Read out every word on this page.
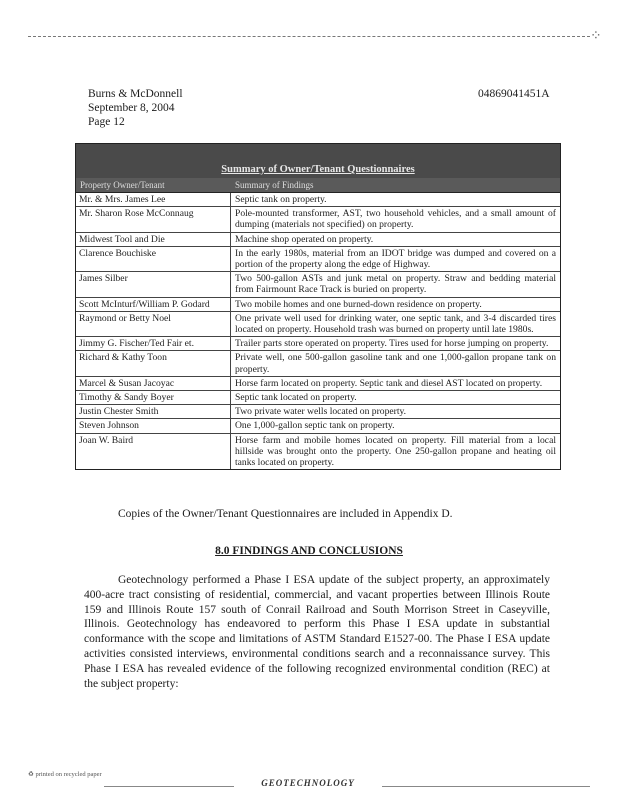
⁘
Burns & McDonnell
September 8, 2004
Page 12
04869041451A
Summary of Owner/Tenant Questionnaires
Property Owner/Tenant	Summary of Findings
Mr. & Mrs. James Lee	Septic tank on property.
Mr. Sharon Rose McConnaug	Pole-mounted transformer, AST, two household vehicles, and a small amount of dumping (materials not specified) on property.
Midwest Tool and Die	Machine shop operated on property.
Clarence Bouchiske	In the early 1980s, material from an IDOT bridge was dumped and covered on a portion of the property along the edge of Highway.
James Silber	Two 500-gallon ASTs and junk metal on property. Straw and bedding material from Fairmount Race Track is buried on property.
Scott McInturf/William P. Godard	Two mobile homes and one burned-down residence on property.
Raymond or Betty Noel	One private well used for drinking water, one septic tank, and 3-4 discarded tires located on property. Household trash was burned on property until late 1980s.
Jimmy G. Fischer/Ted Fair et.	Trailer parts store operated on property. Tires used for horse jumping on property.
Richard & Kathy Toon	Private well, one 500-gallon gasoline tank and one 1,000-gallon propane tank on property.
Marcel & Susan Jacoyac	Horse farm located on property. Septic tank and diesel AST located on property.
Timothy & Sandy Boyer	Septic tank located on property.
Justin Chester Smith	Two private water wells located on property.
Steven Johnson	One 1,000-gallon septic tank on property.
Joan W. Baird	Horse farm and mobile homes located on property. Fill material from a local hillside was brought onto the property. One 250-gallon propane and heating oil tanks located on property.
Copies of the Owner/Tenant Questionnaires are included in Appendix D.
8.0 FINDINGS AND CONCLUSIONS
Geotechnology performed a Phase I ESA update of the subject property, an approximately 400-acre tract consisting of residential, commercial, and vacant properties between Illinois Route 159 and Illinois Route 157 south of Conrail Railroad and South Morrison Street in Caseyville, Illinois. Geotechnology has endeavored to perform this Phase I ESA update in substantial conformance with the scope and limitations of ASTM Standard E1527-00. The Phase I ESA update activities consisted interviews, environmental conditions search and a reconnaissance survey. This Phase I ESA has revealed evidence of the following recognized environmental condition (REC) at the subject property:
♻ printed on recycled paper
GEOTECHNOLOGY
